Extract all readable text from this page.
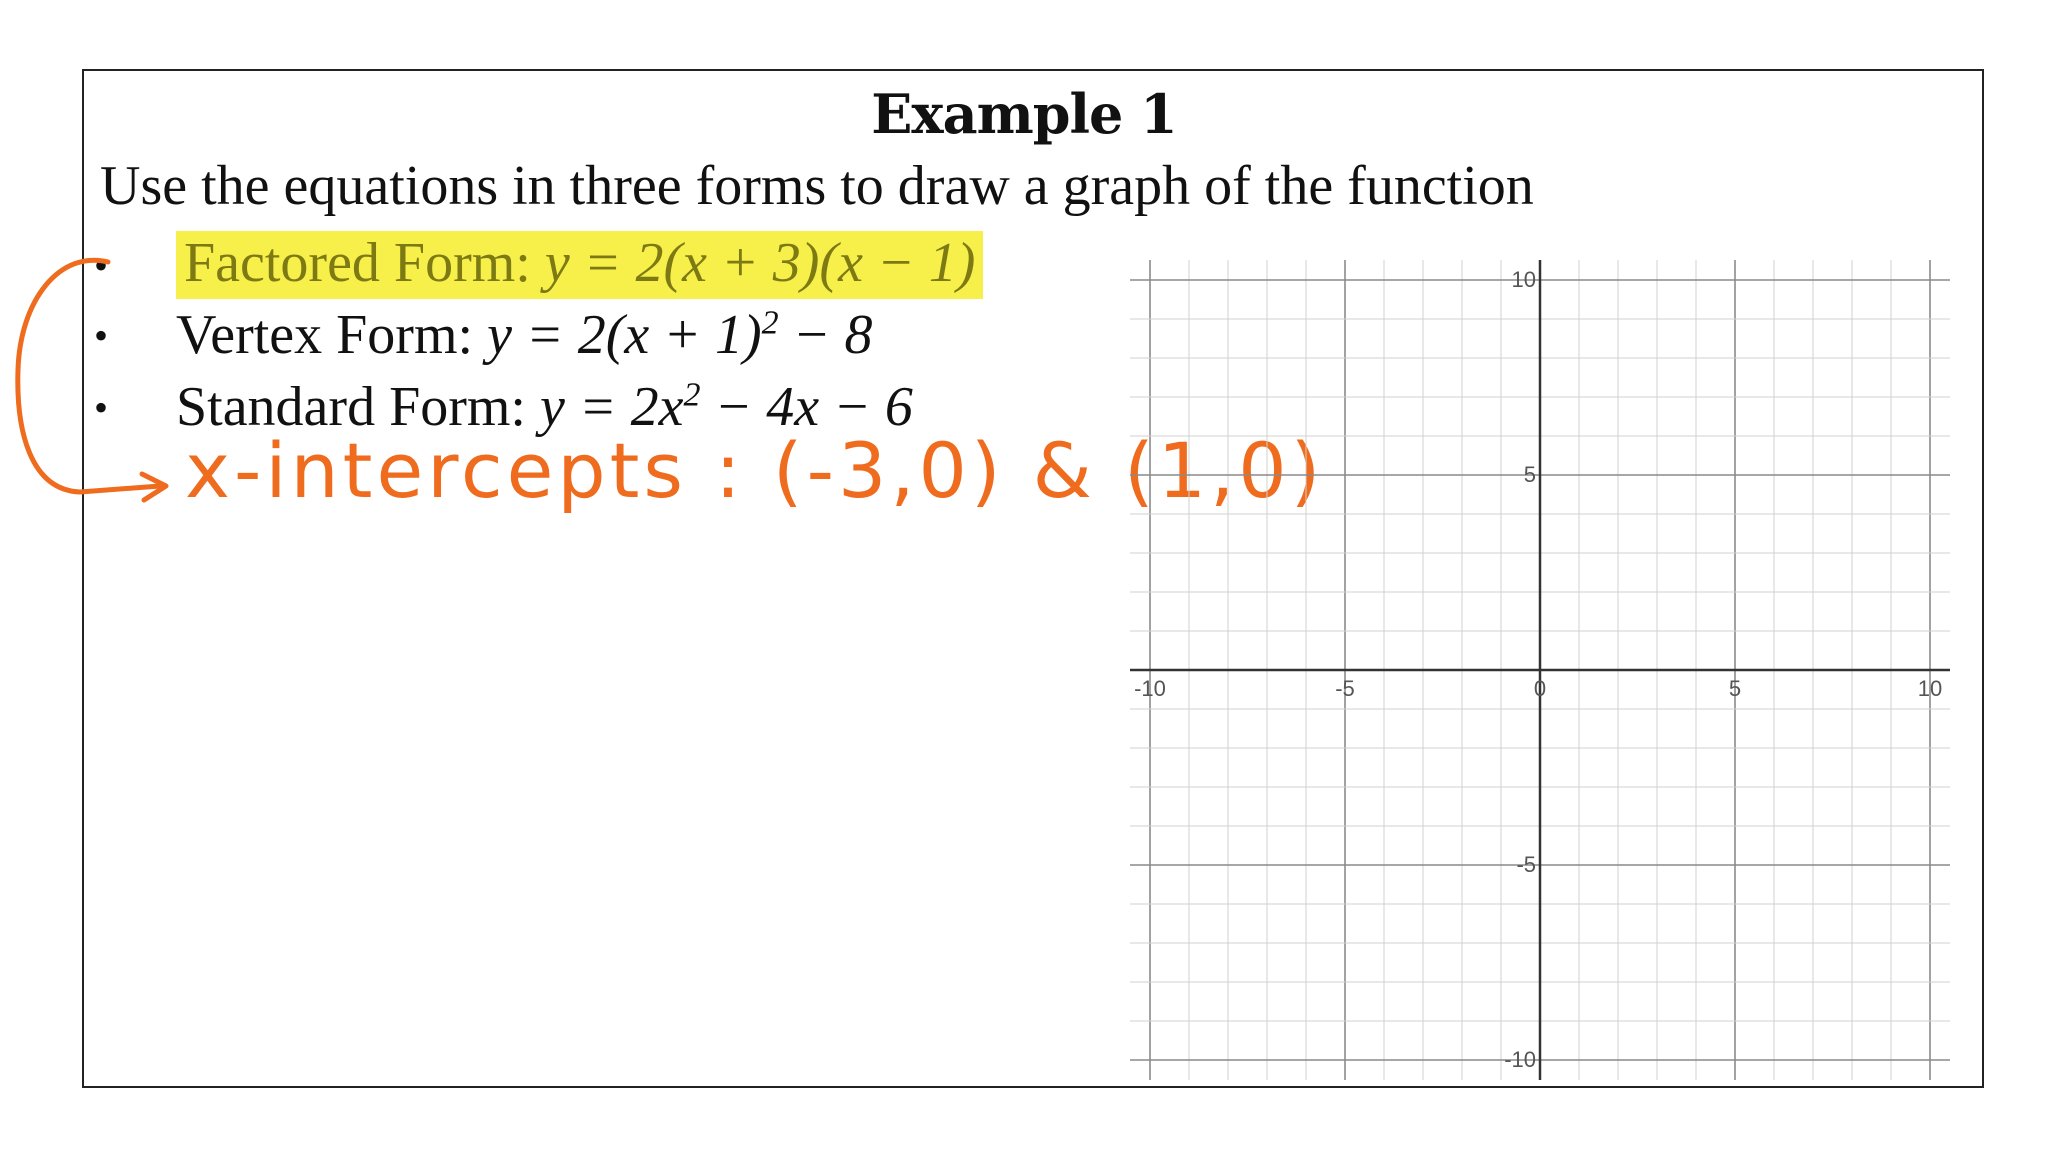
Example 1
Use the equations in three forms to draw a graph of the function
• Factored Form: y = 2(x + 3)(x − 1)
• Vertex Form: $y = 2(x + 1)^2 - 8$
• Standard Form: $y = 2x^2 - 4x - 6$
x-intercepts : (-3,0) & (1,0)
-10	-5	0	5	10
10
5
-5
-10
